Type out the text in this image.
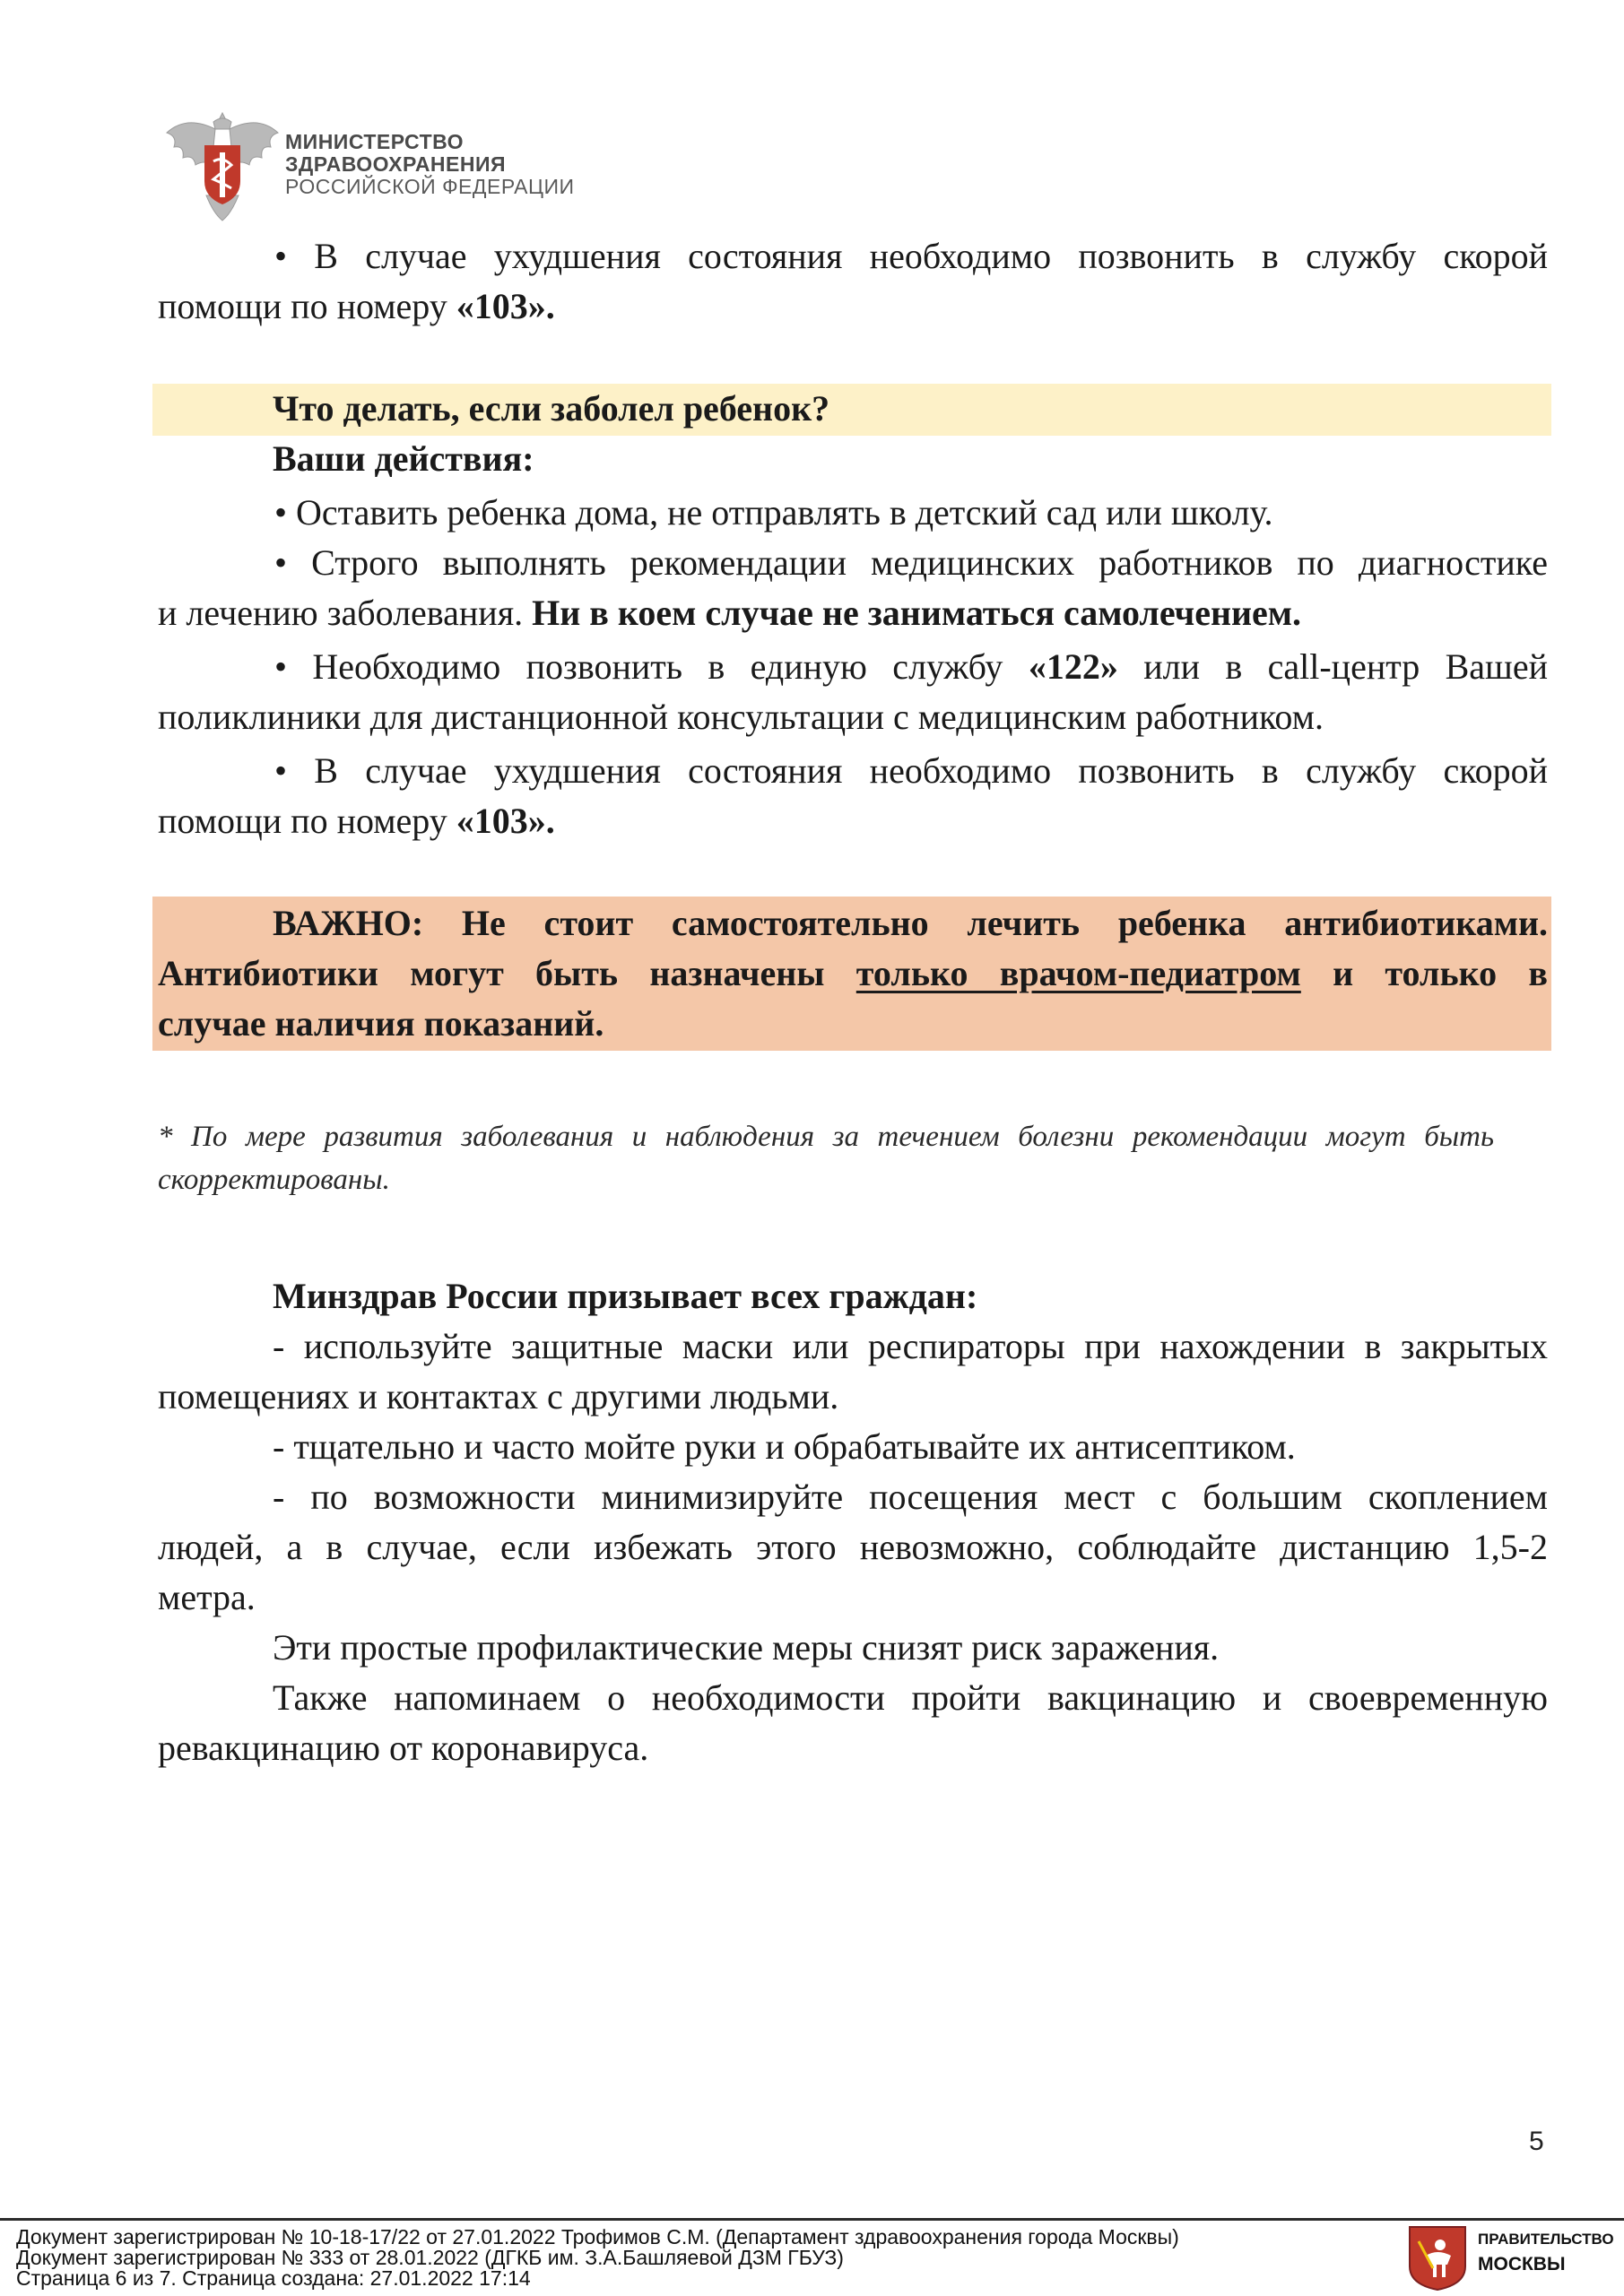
МИНИСТЕРСТВО
ЗДРАВООХРАНЕНИЯ
РОССИЙСКОЙ ФЕДЕРАЦИИ
• В случае ухудшения состояния необходимо позвонить в службу скорой
помощи по номеру «103».
Что делать, если заболел ребенок?
Ваши действия:
• Оставить ребенка дома, не отправлять в детский сад или школу.
• Строго выполнять рекомендации медицинских работников по диагностике
и лечению заболевания. Ни в коем случае не заниматься самолечением.
• Необходимо позвонить в единую службу «122» или в call-центр Вашей
поликлиники для дистанционной консультации с медицинским работником.
• В случае ухудшения состояния необходимо позвонить в службу скорой
помощи по номеру «103».
ВАЖНО: Не стоит самостоятельно лечить ребенка антибиотиками.
Антибиотики могут быть назначены только врачом-педиатром и только в
случае наличия показаний.
* По мере развития заболевания и наблюдения за течением болезни рекомендации могут быть
скорректированы.
Минздрав России призывает всех граждан:
- используйте защитные маски или респираторы при нахождении в закрытых
помещениях и контактах с другими людьми.
- тщательно и часто мойте руки и обрабатывайте их антисептиком.
- по возможности минимизируйте посещения мест с большим скоплением
людей, а в случае, если избежать этого невозможно, соблюдайте дистанцию 1,5-2
метра.
Эти простые профилактические меры снизят риск заражения.
Также напоминаем о необходимости пройти вакцинацию и своевременную
ревакцинацию от коронавируса.
5
Документ зарегистрирован № 10-18-17/22 от 27.01.2022 Трофимов С.М. (Департамент здравоохранения города Москвы)
Документ зарегистрирован № 333 от 28.01.2022 (ДГКБ им. З.А.Башляевой ДЗМ ГБУЗ)
Страница 6 из 7. Страница создана: 27.01.2022 17:14
ПРАВИТЕЛЬСТВО
МОСКВЫ
